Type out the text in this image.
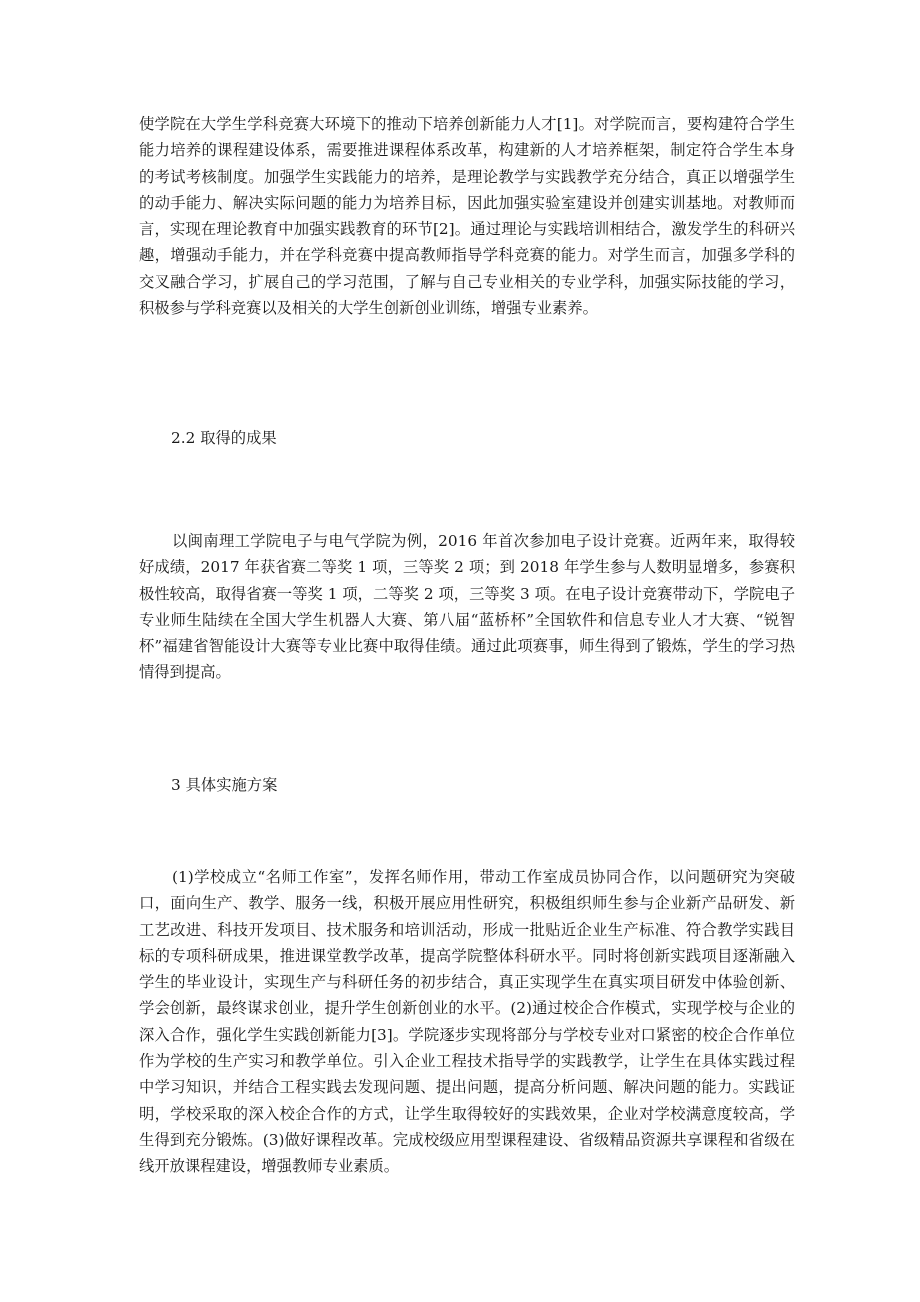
使学院在大学生学科竞赛大环境下的推动下培养创新能力人才[1]。对学院而言，要构建符合学生能力培养的课程建设体系，需要推进课程体系改革，构建新的人才培养框架，制定符合学生本身的考试考核制度。加强学生实践能力的培养，是理论教学与实践教学充分结合，真正以增强学生的动手能力、解决实际问题的能力为培养目标，因此加强实验室建设并创建实训基地。对教师而言，实现在理论教育中加强实践教育的环节[2]。通过理论与实践培训相结合，激发学生的科研兴趣，增强动手能力，并在学科竞赛中提高教师指导学科竞赛的能力。对学生而言，加强多学科的交叉融合学习，扩展自己的学习范围，了解与自己专业相关的专业学科，加强实际技能的学习，积极参与学科竞赛以及相关的大学生创新创业训练，增强专业素养。

2.2 取得的成果

以闽南理工学院电子与电气学院为例，2016 年首次参加电子设计竞赛。近两年来，取得较好成绩，2017 年获省赛二等奖 1 项，三等奖 2 项；到 2018 年学生参与人数明显增多，参赛积极性较高，取得省赛一等奖 1 项，二等奖 2 项，三等奖 3 项。在电子设计竞赛带动下，学院电子专业师生陆续在全国大学生机器人大赛、第八届“蓝桥杯”全国软件和信息专业人才大赛、“锐智杯”福建省智能设计大赛等专业比赛中取得佳绩。通过此项赛事，师生得到了锻炼，学生的学习热情得到提高。

3 具体实施方案

(1)学校成立“名师工作室”，发挥名师作用，带动工作室成员协同合作，以问题研究为突破口，面向生产、教学、服务一线，积极开展应用性研究，积极组织师生参与企业新产品研发、新工艺改进、科技开发项目、技术服务和培训活动，形成一批贴近企业生产标准、符合教学实践目标的专项科研成果，推进课堂教学改革，提高学院整体科研水平。同时将创新实践项目逐渐融入学生的毕业设计，实现生产与科研任务的初步结合，真正实现学生在真实项目研发中体验创新、学会创新，最终谋求创业，提升学生创新创业的水平。(2)通过校企合作模式，实现学校与企业的深入合作，强化学生实践创新能力[3]。学院逐步实现将部分与学校专业对口紧密的校企合作单位作为学校的生产实习和教学单位。引入企业工程技术指导学的实践教学，让学生在具体实践过程中学习知识，并结合工程实践去发现问题、提出问题，提高分析问题、解决问题的能力。实践证明，学校采取的深入校企合作的方式，让学生取得较好的实践效果，企业对学校满意度较高，学生得到充分锻炼。(3)做好课程改革。完成校级应用型课程建设、省级精品资源共享课程和省级在线开放课程建设，增强教师专业素质。
